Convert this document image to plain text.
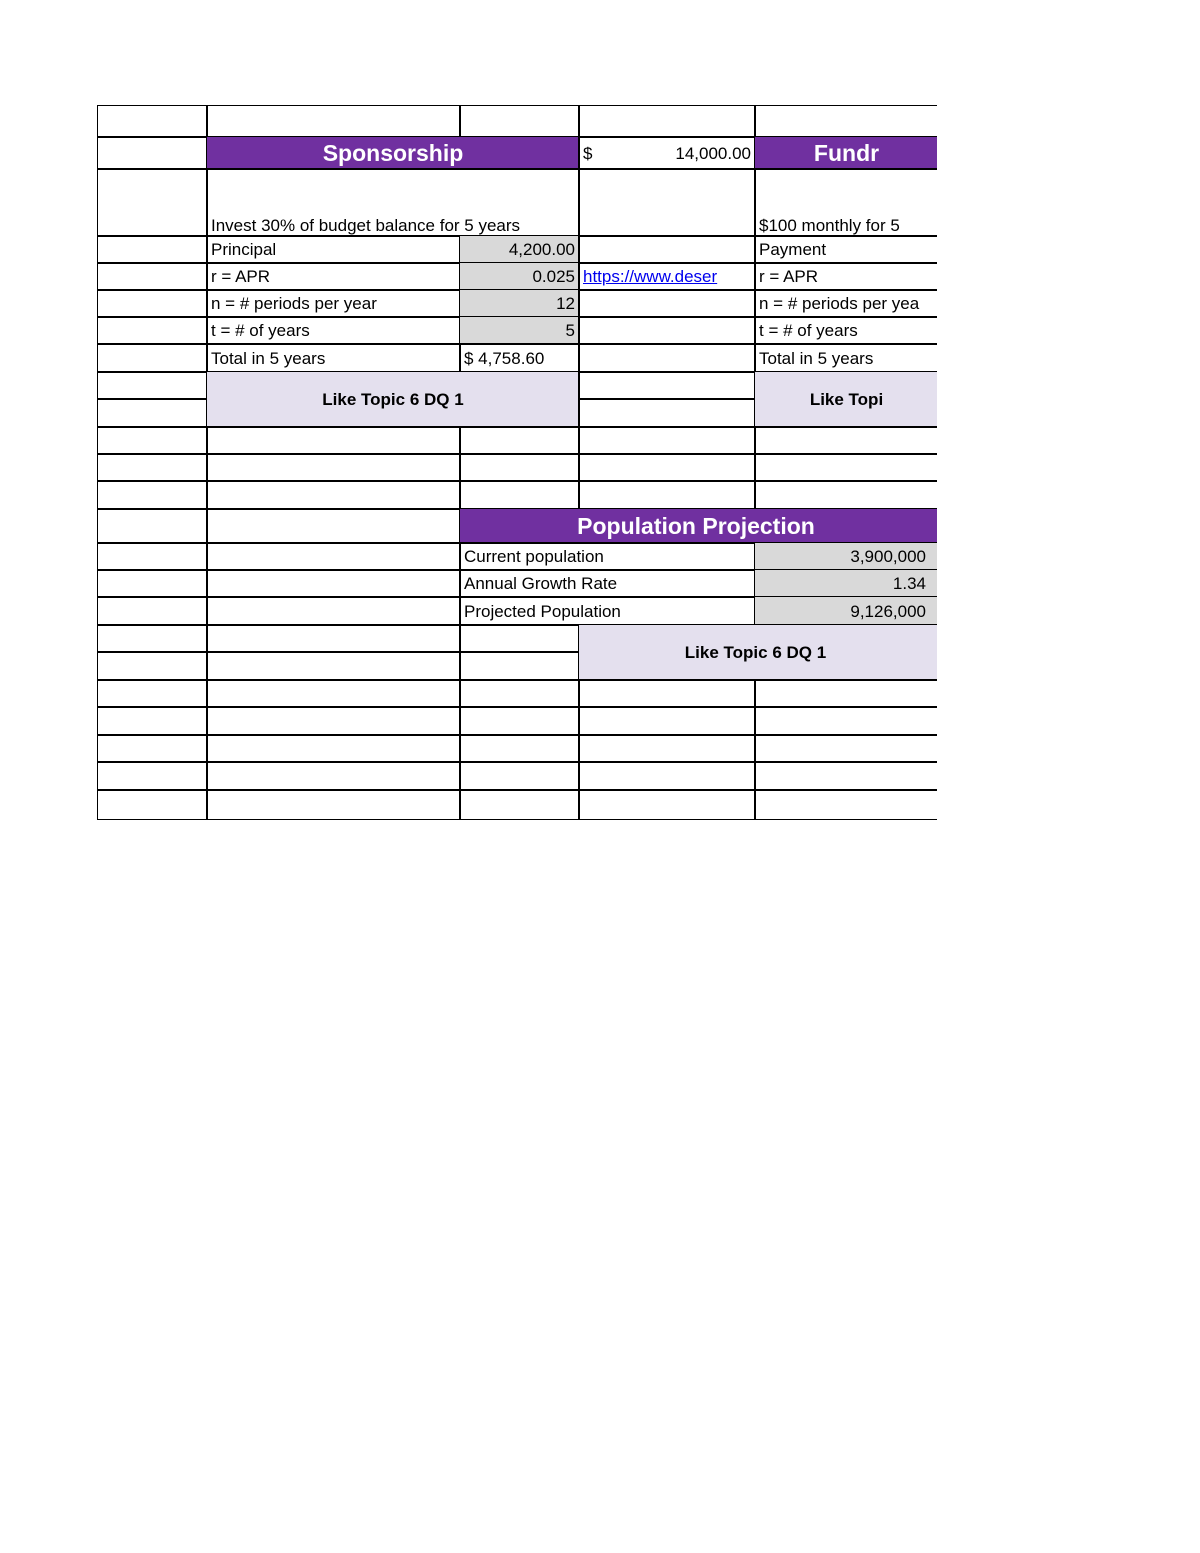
Sponsorship	$	14,000.00	Fundr
Invest 30% of budget balance for 5 years	$100 monthly for 5
Principal	4,200.00	Payment
r = APR	0.025 https://www.deser	r = APR
n = # periods per year	12	n = # periods per yea
t = # of years	5	t = # of years
Total in 5 years	$ 4,758.60	Total in 5 years
Like Topic 6 DQ 1	Like Topi
Population Projection
Current population	3,900,000
Annual Growth Rate	1.34
Projected Population	9,126,000
Like Topic 6 DQ 1
